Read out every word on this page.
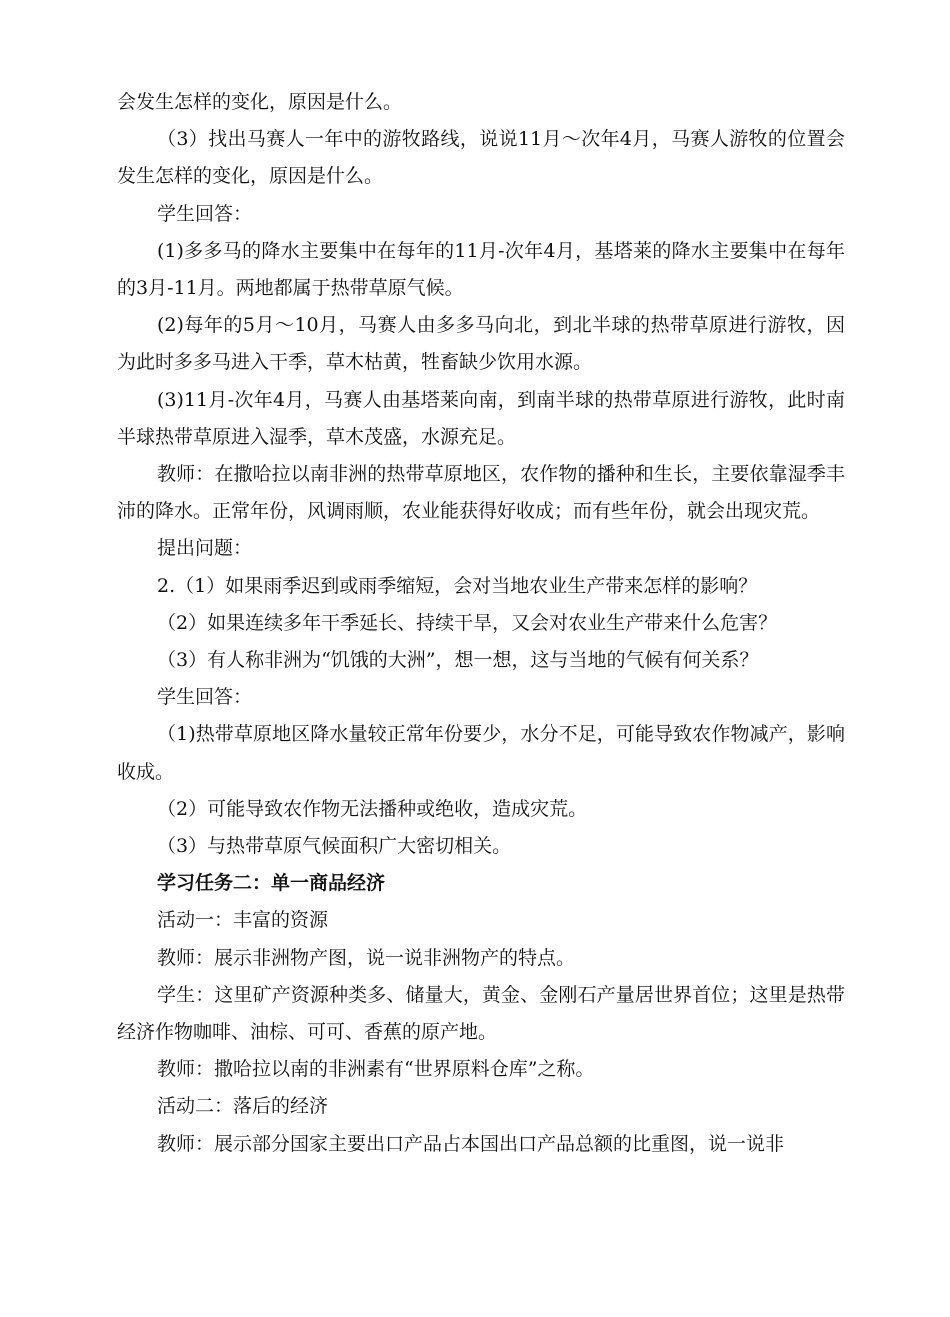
会发生怎样的变化，原因是什么。

（3）找出马赛人一年中的游牧路线，说说11月～次年4月，马赛人游牧的位置会发生怎样的变化，原因是什么。

学生回答：

(1)多多马的降水主要集中在每年的11月-次年4月，基塔莱的降水主要集中在每年的3月-11月。两地都属于热带草原气候。

(2)每年的5月～10月，马赛人由多多马向北，到北半球的热带草原进行游牧，因为此时多多马进入干季，草木枯黄，牲畜缺少饮用水源。

(3)11月-次年4月，马赛人由基塔莱向南，到南半球的热带草原进行游牧，此时南半球热带草原进入湿季，草木茂盛，水源充足。

教师：在撒哈拉以南非洲的热带草原地区，农作物的播种和生长，主要依靠湿季丰沛的降水。正常年份，风调雨顺，农业能获得好收成；而有些年份，就会出现灾荒。

提出问题：

2.（1）如果雨季迟到或雨季缩短，会对当地农业生产带来怎样的影响？

（2）如果连续多年干季延长、持续干旱，又会对农业生产带来什么危害？

（3）有人称非洲为“饥饿的大洲”，想一想，这与当地的气候有何关系？

学生回答：

（1)热带草原地区降水量较正常年份要少，水分不足，可能导致农作物减产，影响收成。

（2）可能导致农作物无法播种或绝收，造成灾荒。

（3）与热带草原气候面积广大密切相关。

学习任务二：单一商品经济

活动一：丰富的资源

教师：展示非洲物产图，说一说非洲物产的特点。

学生：这里矿产资源种类多、储量大，黄金、金刚石产量居世界首位；这里是热带经济作物咖啡、油棕、可可、香蕉的原产地。

教师：撒哈拉以南的非洲素有“世界原料仓库”之称。

活动二：落后的经济

教师：展示部分国家主要出口产品占本国出口产品总额的比重图，说一说非
